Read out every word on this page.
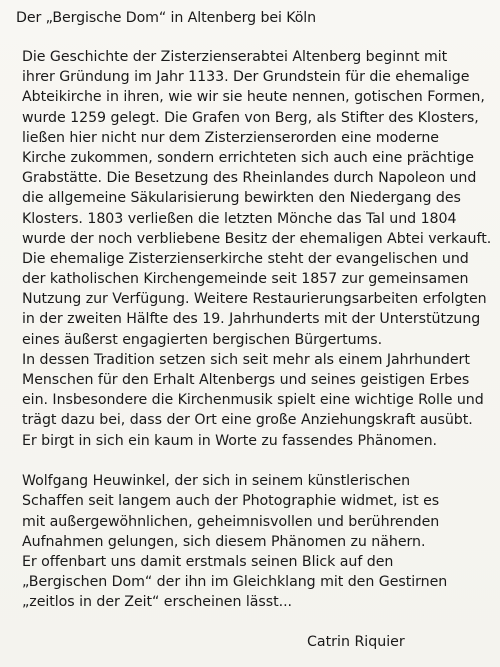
Der „Bergische Dom“ in Altenberg bei Köln
Die Geschichte der Zisterzienserabtei Altenberg beginnt mit
ihrer Gründung im Jahr 1133. Der Grundstein für die ehemalige
Abteikirche in ihren, wie wir sie heute nennen, gotischen Formen,
wurde 1259 gelegt. Die Grafen von Berg, als Stifter des Klosters,
ließen hier nicht nur dem Zisterzienserorden eine moderne
Kirche zukommen, sondern errichteten sich auch eine prächtige
Grabstätte. Die Besetzung des Rheinlandes durch Napoleon und
die allgemeine Säkularisierung bewirkten den Niedergang des
Klosters. 1803 verließen die letzten Mönche das Tal und 1804
wurde der noch verbliebene Besitz der ehemaligen Abtei verkauft.
Die ehemalige Zisterzienserkirche steht der evangelischen und
der katholischen Kirchengemeinde seit 1857 zur gemeinsamen
Nutzung zur Verfügung. Weitere Restaurierungsarbeiten erfolgten
in der zweiten Hälfte des 19. Jahrhunderts mit der Unterstützung
eines äußerst engagierten bergischen Bürgertums.
In dessen Tradition setzen sich seit mehr als einem Jahrhundert
Menschen für den Erhalt Altenbergs und seines geistigen Erbes
ein. Insbesondere die Kirchenmusik spielt eine wichtige Rolle und
trägt dazu bei, dass der Ort eine große Anziehungskraft ausübt.
Er birgt in sich ein kaum in Worte zu fassendes Phänomen.
Wolfgang Heuwinkel, der sich in seinem künstlerischen
Schaffen seit langem auch der Photographie widmet, ist es
mit außergewöhnlichen, geheimnisvollen und berührenden
Aufnahmen gelungen, sich diesem Phänomen zu nähern.
Er offenbart uns damit erstmals seinen Blick auf den
„Bergischen Dom“ der ihn im Gleichklang mit den Gestirnen
„zeitlos in der Zeit“ erscheinen lässt...
Catrin Riquier
